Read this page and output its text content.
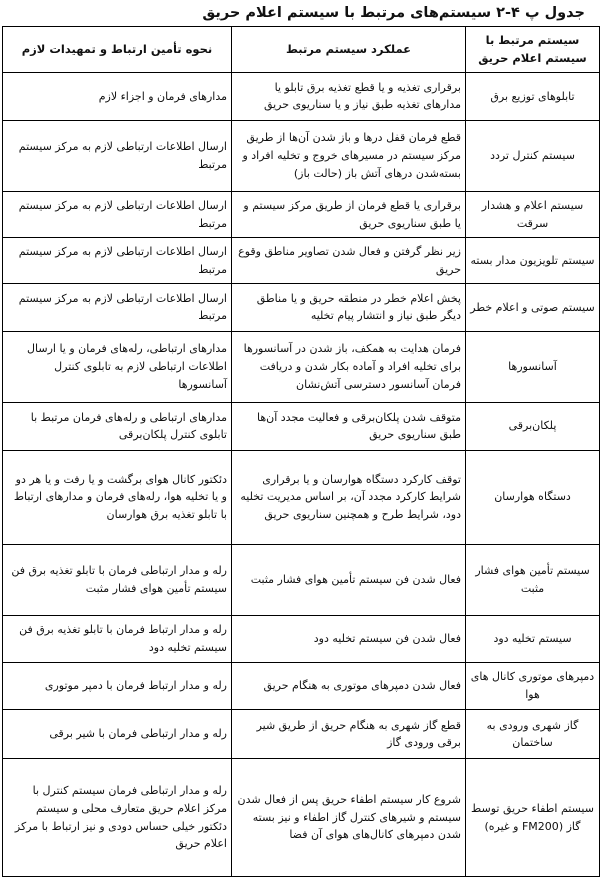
جدول پ ۴-۲ سیستم‌های مرتبط با سیستم اعلام حریق
سیستم مرتبط با سیستم اعلام حریق	عملکرد سیستم مرتبط	نحوه تأمین ارتباط و تمهیدات لازم
تابلوهای توزیع برق	برقراری تغذیه و یا قطع تغذیه برق تابلو یا مدارهای تغذیه طبق نیاز و یا سناریوی حریق	مدارهای فرمان و اجزاء لازم
سیستم کنترل تردد	قطع فرمان قفل درها و باز شدن آن‌ها از طریق مرکز سیستم در مسیرهای خروج و تخلیه افراد و بسته‌شدن درهای آتش باز (حالت باز)	ارسال اطلاعات ارتباطی لازم به مرکز سیستم مرتبط
سیستم اعلام و هشدار سرقت	برقراری یا قطع فرمان از طریق مرکز سیستم و یا طبق سناریوی حریق	ارسال اطلاعات ارتباطی لازم به مرکز سیستم مرتبط
سیستم تلویزیون مدار بسته	زیر نظر گرفتن و فعال شدن تصاویر مناطق وقوع حریق	ارسال اطلاعات ارتباطی لازم به مرکز سیستم مرتبط
سیستم صوتی و اعلام خطر	پخش اعلام خطر در منطقه حریق و یا مناطق دیگر طبق نیاز و انتشار پیام تخلیه	ارسال اطلاعات ارتباطی لازم به مرکز سیستم مرتبط
آسانسورها	فرمان هدایت به همکف، باز شدن در آسانسورها برای تخلیه افراد و آماده بکار شدن و دریافت فرمان آسانسور دسترسی آتش‌نشان	مدارهای ارتباطی، رله‌های فرمان و یا ارسال اطلاعات ارتباطی لازم به تابلوی کنترل آسانسورها
پلکان‌برقی	متوقف شدن پلکان‌برقی و فعالیت مجدد آن‌ها طبق سناریوی حریق	مدارهای ارتباطی و رله‌های فرمان مرتبط با تابلوی کنترل پلکان‌برقی
دستگاه هوارسان	توقف کارکرد دستگاه هوارسان و یا برقراری شرایط کارکرد مجدد آن، بر اساس مدیریت تخلیه دود، شرایط طرح و همچنین سناریوی حریق	دئکتور کانال هوای برگشت و یا رفت و یا هر دو و یا تخلیه هوا، رله‌های فرمان و مدارهای ارتباط با تابلو تغذیه برق هوارسان
سیستم تأمین هوای فشار مثبت	فعال شدن فن سیستم تأمین هوای فشار مثبت	رله و مدار ارتباطی فرمان با تابلو تغذیه برق فن سیستم تأمین هوای فشار مثبت
سیستم تخلیه دود	فعال شدن فن سیستم تخلیه دود	رله و مدار ارتباط فرمان با تابلو تغذیه برق فن سیستم تخلیه دود
دمپرهای موتوری کانال های هوا	فعال شدن دمپرهای موتوری به هنگام حریق	رله و مدار ارتباط فرمان با دمپر موتوری
گاز شهری ورودی به ساختمان	قطع گاز شهری به هنگام حریق از طریق شیر برقی ورودی گاز	رله و مدار ارتباطی فرمان با شیر برقی
سیستم اطفاء حریق توسط گاز (FM200 و غیره)	شروع کار سیستم اطفاء حریق پس از فعال شدن سیستم و شیرهای کنترل گاز اطفاء و نیز بسته شدن دمپرهای کانال‌های هوای آن فضا	رله و مدار ارتباطی فرمان سیستم کنترل با مرکز اعلام حریق متعارف محلی و سیستم دئکتور خیلی حساس دودی و نیز ارتباط با مرکز اعلام حریق
